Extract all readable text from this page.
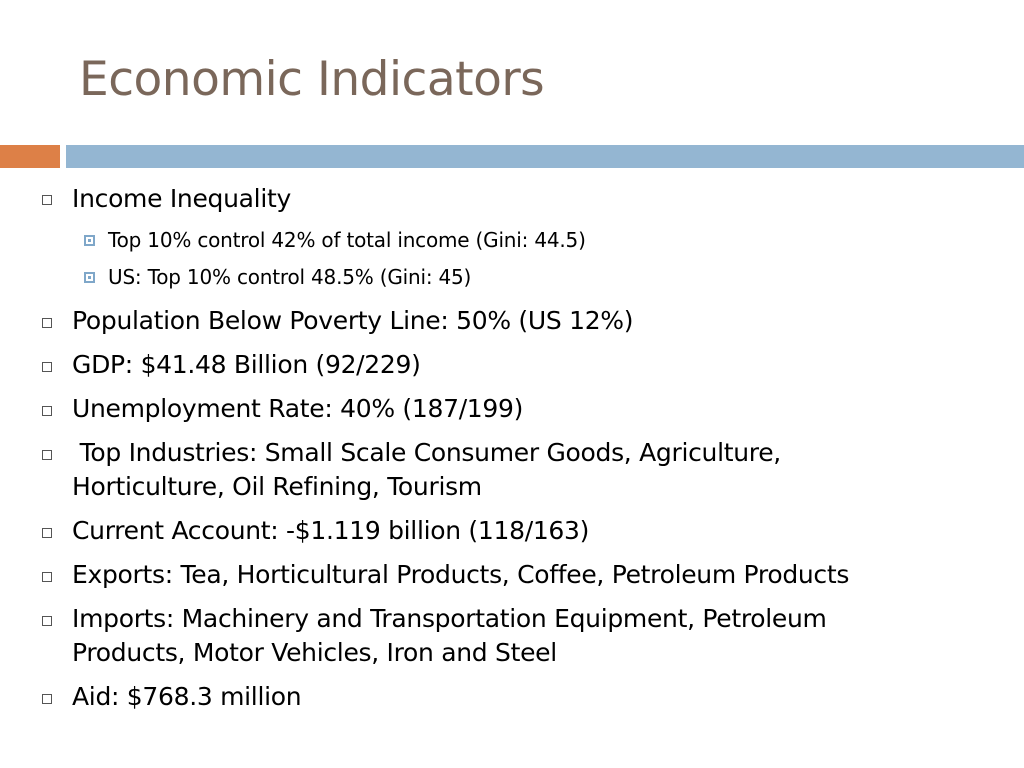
Economic Indicators
Income Inequality
Top 10% control 42% of total income (Gini: 44.5)
US: Top 10% control 48.5% (Gini: 45)
Population Below Poverty Line: 50% (US 12%)
GDP: $41.48 Billion (92/229)
Unemployment Rate: 40% (187/199)
Top Industries: Small Scale Consumer Goods, Agriculture,
Horticulture, Oil Refining, Tourism
Current Account: -$1.119 billion (118/163)
Exports: Tea, Horticultural Products, Coffee, Petroleum Products
Imports: Machinery and Transportation Equipment, Petroleum
Products, Motor Vehicles, Iron and Steel
Aid: $768.3 million
